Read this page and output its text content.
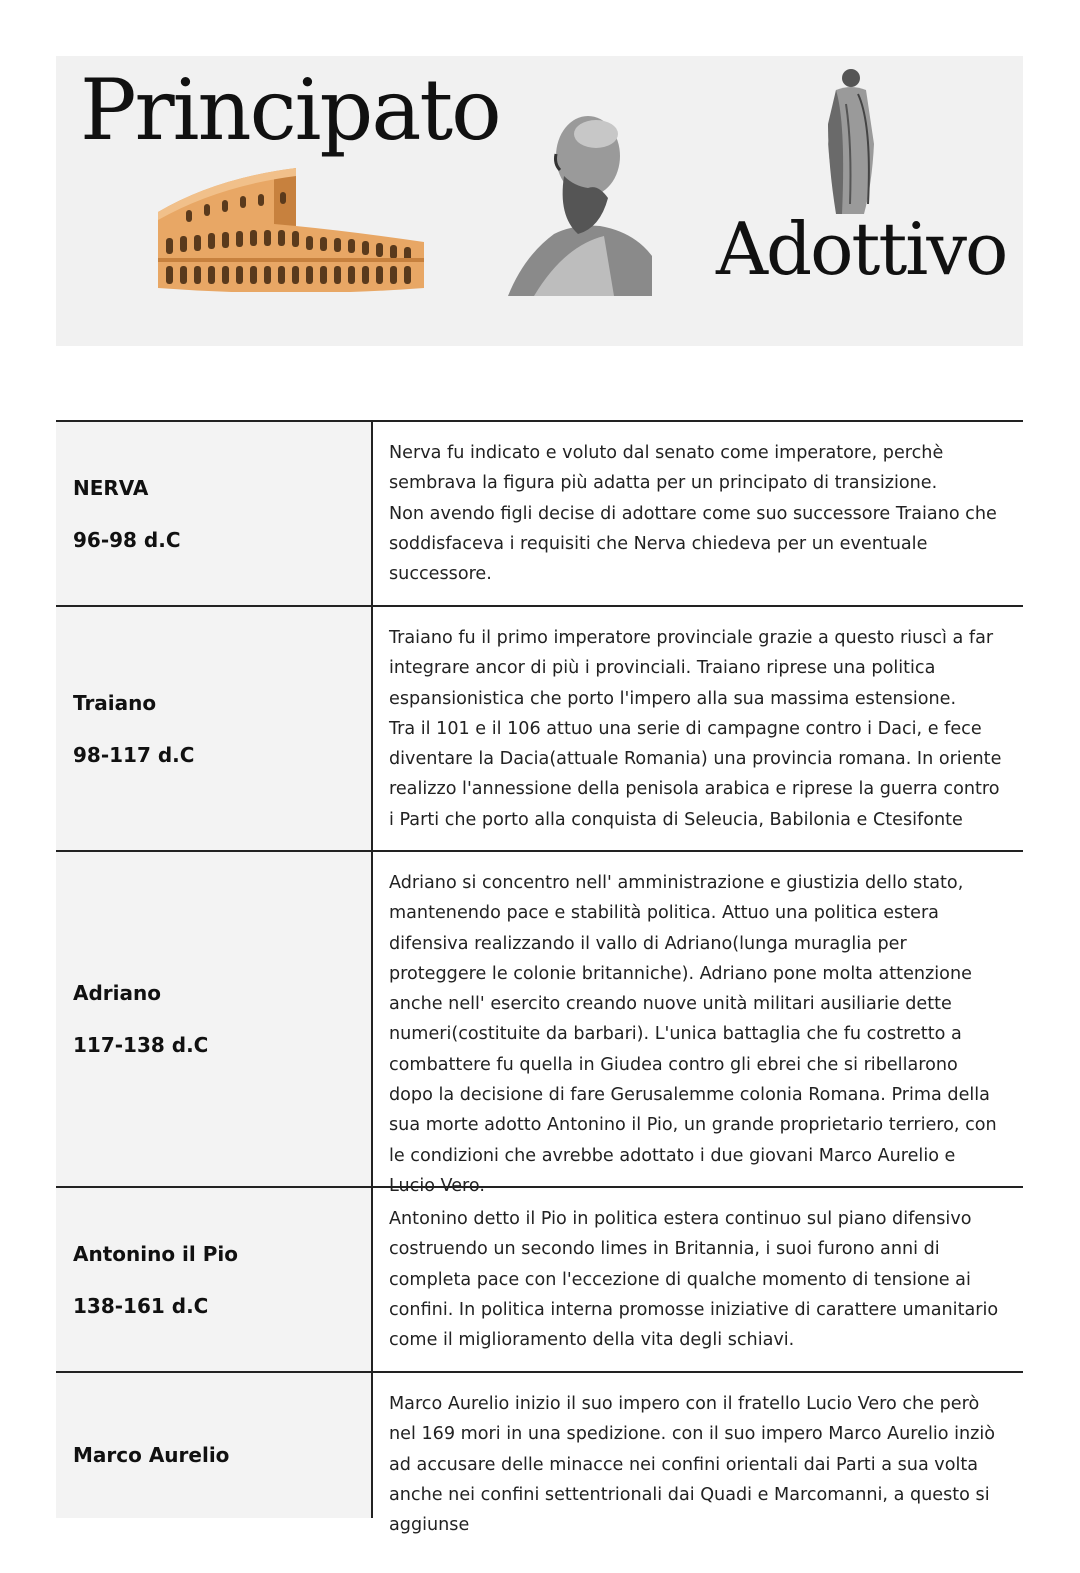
Principato
Adottivo
NERVA
96-98 d.C

Nerva fu indicato e voluto dal senato come imperatore, perchè sembrava la figura più adatta per un principato di transizione.

Non avendo figli decise di adottare come suo successore Traiano che soddisfaceva i requisiti che Nerva chiedeva per un eventuale successore.

Traiano
98-117 d.C

Traiano fu il primo imperatore provinciale grazie a questo riuscì a far integrare ancor di più i provinciali. Traiano riprese una politica espansionistica che porto l'impero alla sua massima estensione.

Tra il 101 e il 106 attuo una serie di campagne contro i Daci, e fece diventare la Dacia(attuale Romania) una provincia romana. In oriente realizzo l'annessione della penisola arabica e riprese la guerra contro i Parti che porto alla conquista di Seleucia, Babilonia e Ctesifonte

Adriano
117-138 d.C

Adriano si concentro nell' amministrazione e giustizia dello stato, mantenendo pace e stabilità politica. Attuo una politica estera difensiva realizzando il vallo di Adriano(lunga muraglia per proteggere le colonie britanniche). Adriano pone molta attenzione anche nell' esercito creando nuove unità militari ausiliarie dette numeri(costituite da barbari). L'unica battaglia che fu costretto a combattere fu quella in Giudea contro gli ebrei che si ribellarono dopo la decisione di fare Gerusalemme colonia Romana. Prima della sua morte adotto Antonino il Pio, un grande proprietario terriero, con le condizioni che avrebbe adottato i due giovani Marco Aurelio e Lucio Vero.

Antonino il Pio
138-161 d.C

Antonino detto il Pio in politica estera continuo sul piano difensivo costruendo un secondo limes in Britannia, i suoi furono anni di completa pace con l'eccezione di qualche momento di tensione ai confini. In politica interna promosse iniziative di carattere umanitario come il miglioramento della vita degli schiavi.

Marco Aurelio

Marco Aurelio inizio il suo impero con il fratello Lucio Vero che però nel 169 mori in una spedizione. con il suo impero Marco Aurelio inziò ad accusare delle minacce nei confini orientali dai Parti a sua volta anche nei confini settentrionali dai Quadi e Marcomanni, a questo si aggiunse
